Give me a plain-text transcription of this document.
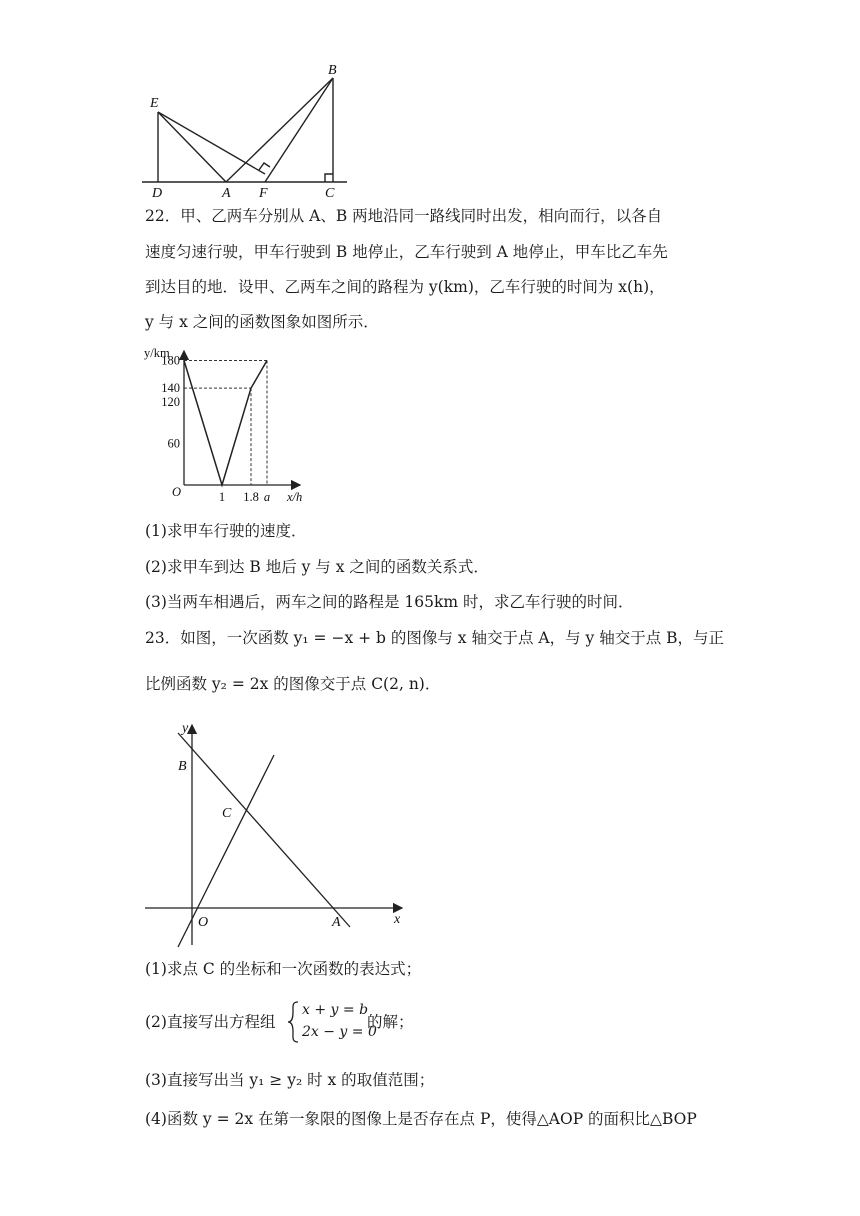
E
B
D	A F	C
22．甲、乙两车分别从 A、B 两地沿同一路线同时出发，相向而行，以各自
速度匀速行驶，甲车行驶到 B 地停止，乙车行驶到 A 地停止，甲车比乙车先
到达目的地．设甲、乙两车之间的路程为 y(km)，乙车行驶的时间为 x(h)，
y 与 x 之间的函数图象如图所示．
180
140
120
60
1 1.8 a
O	x/h
y/km
(1)求甲车行驶的速度．
(2)求甲车到达 B 地后 y 与 x 之间的函数关系式．
(3)当两车相遇后，两车之间的路程是 165km 时，求乙车行驶的时间．
23．如图，一次函数 y₁ = −x + b 的图像与 x 轴交于点 A，与 y 轴交于点 B，与正
比例函数 y₂ = 2x 的图像交于点 C(2, n)．
y
B
C
O	A	x
(1)求点 C 的坐标和一次函数的表达式；
(2)直接写出方程组
x + y = b
2x − y = 0
的解；
(3)直接写出当 y₁ ≥ y₂ 时 x 的取值范围；
(4)函数 y = 2x 在第一象限的图像上是否存在点 P，使得△AOP 的面积比△BOP
